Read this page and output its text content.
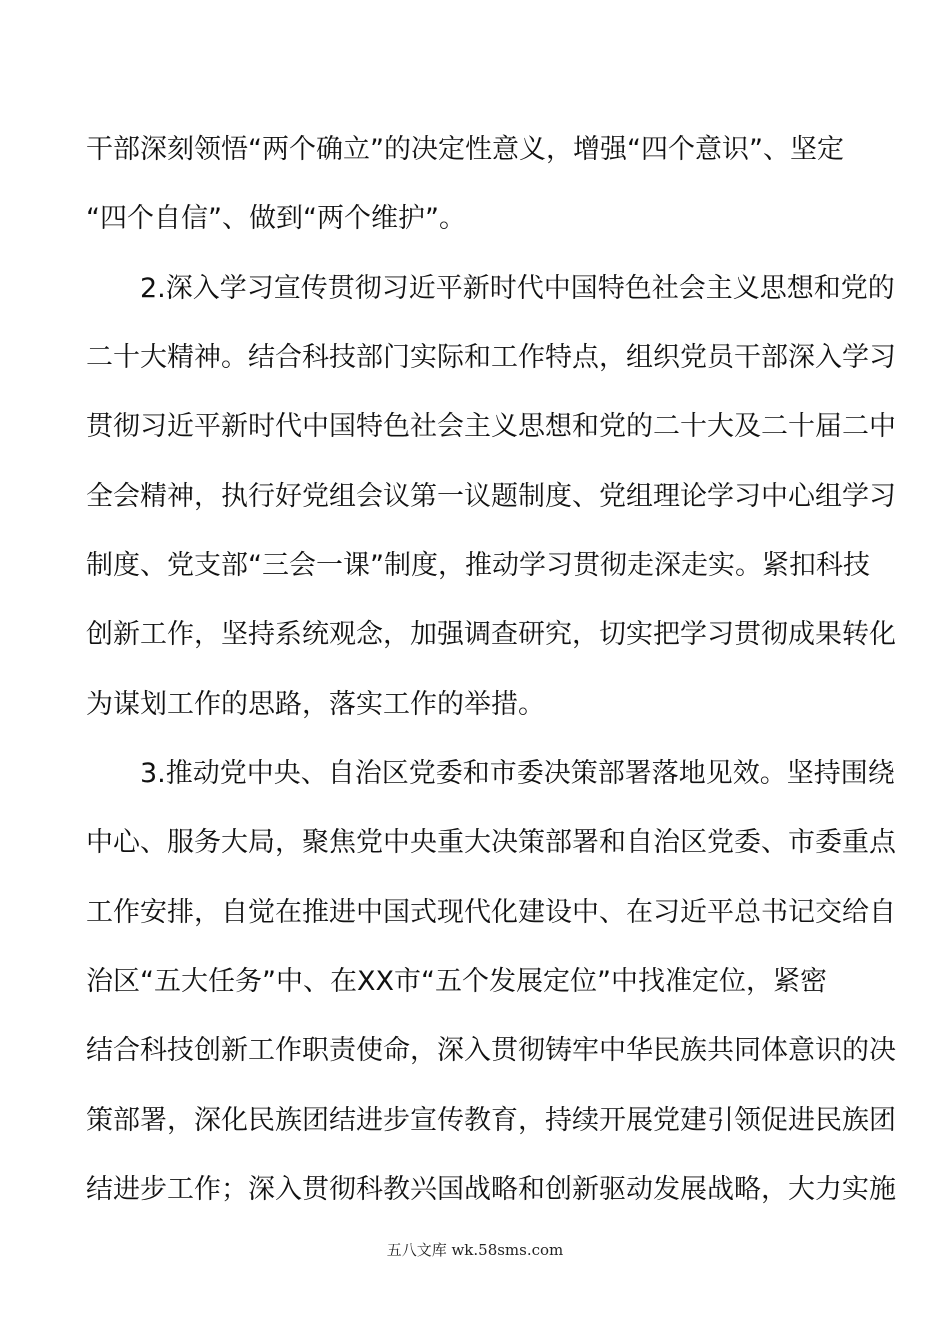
干部深刻领悟“两个确立”的决定性意义，增强“四个意识”、坚定
“四个自信”、做到“两个维护”。
　　2.深入学习宣传贯彻习近平新时代中国特色社会主义思想和党的
二十大精神。结合科技部门实际和工作特点，组织党员干部深入学习
贯彻习近平新时代中国特色社会主义思想和党的二十大及二十届二中
全会精神，执行好党组会议第一议题制度、党组理论学习中心组学习
制度、党支部“三会一课”制度，推动学习贯彻走深走实。紧扣科技
创新工作，坚持系统观念，加强调查研究，切实把学习贯彻成果转化
为谋划工作的思路，落实工作的举措。
　　3.推动党中央、自治区党委和市委决策部署落地见效。坚持围绕
中心、服务大局，聚焦党中央重大决策部署和自治区党委、市委重点
工作安排，自觉在推进中国式现代化建设中、在习近平总书记交给自
治区“五大任务”中、在XX市“五个发展定位”中找准定位，紧密
结合科技创新工作职责使命，深入贯彻铸牢中华民族共同体意识的决
策部署，深化民族团结进步宣传教育，持续开展党建引领促进民族团
结进步工作；深入贯彻科教兴国战略和创新驱动发展战略，大力实施
五八文库 wk.58sms.com
